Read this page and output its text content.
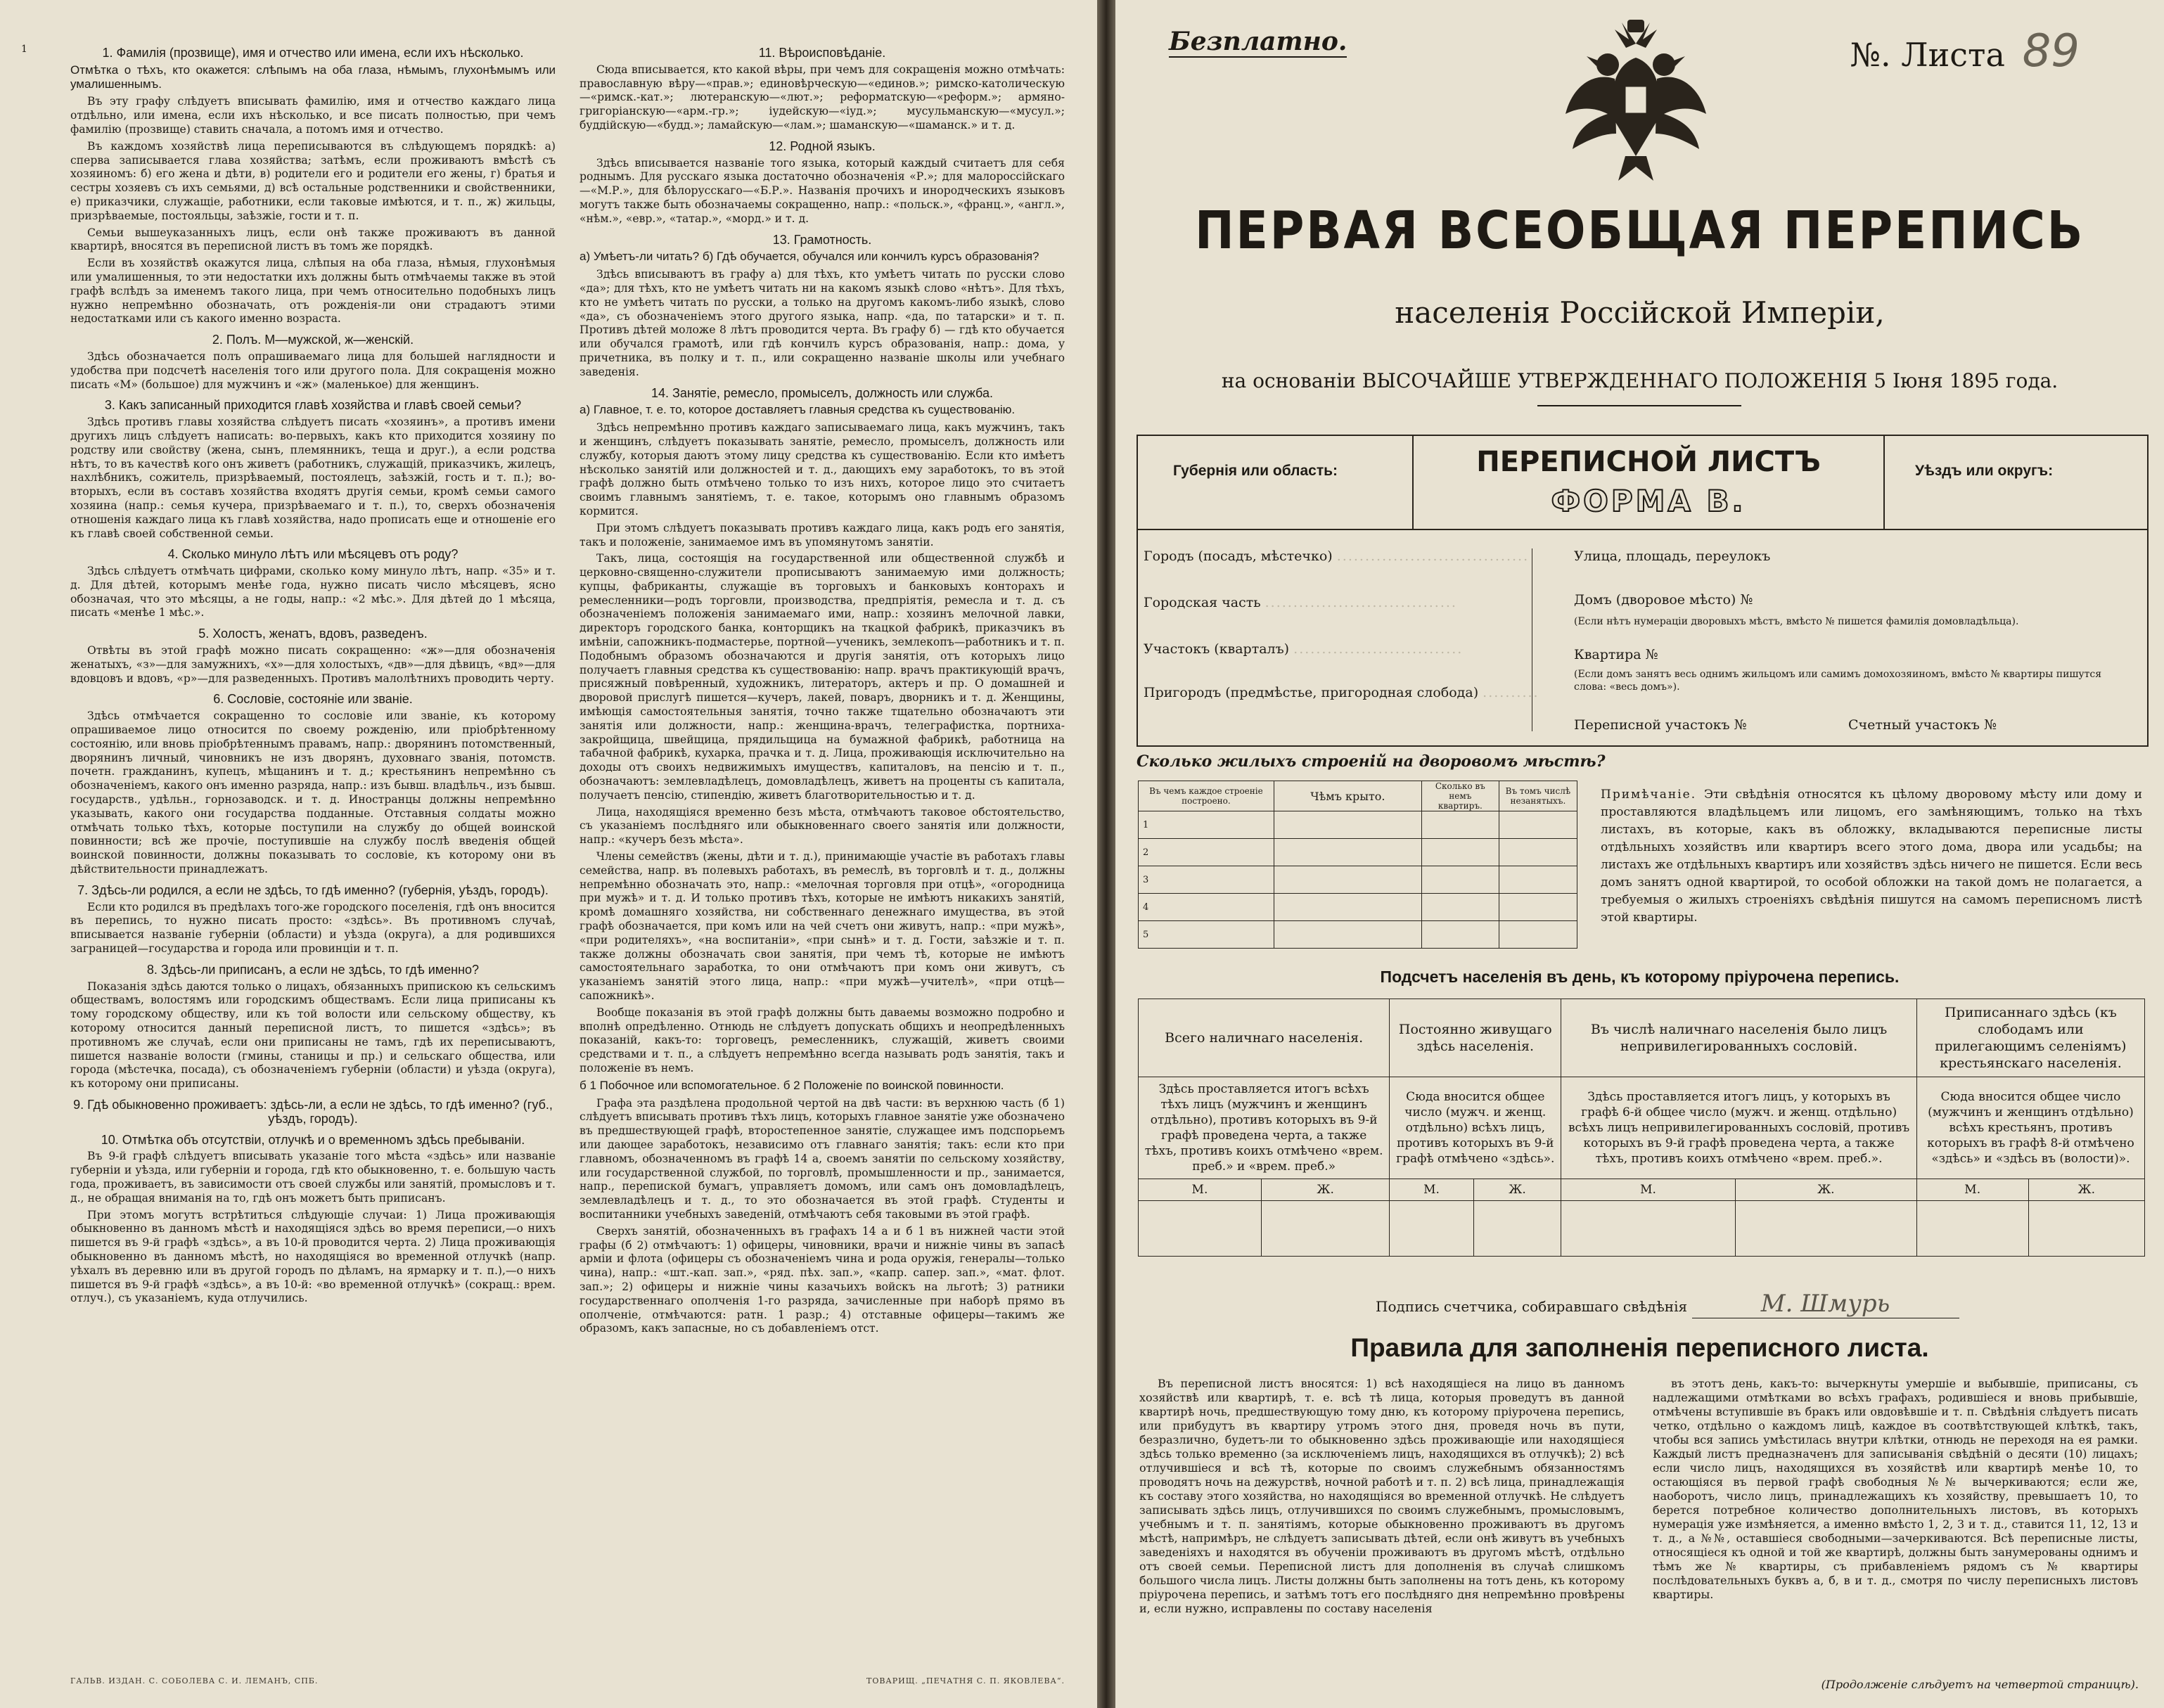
1	1. Фамилія (прозвище), имя и отчество или имена, если ихъ нѣсколько.
Отмѣтка о тѣхъ, кто окажется: слѣпымъ на оба глаза, нѣмымъ, глухонѣмымъ или умалишеннымъ.

Въ эту графу слѣдуетъ вписывать фамилію, имя и отчество каждаго лица отдѣльно, или имена, если ихъ нѣсколько, и все писать полностью, при чемъ фамилію (прозвище) ставить сначала, а потомъ имя и отчество.

Въ каждомъ хозяйствѣ лица переписываются въ слѣдующемъ порядкѣ: а) сперва записывается глава хозяйства; затѣмъ, если проживаютъ вмѣстѣ съ хозяиномъ: б) его жена и дѣти, в) родители его и родители его жены, г) братья и сестры хозяевъ съ ихъ семьями, д) всѣ остальные родственники и свойственники, е) приказчики, служащіе, работники, если таковые имѣются, и т. п., ж) жильцы, призрѣваемые, постояльцы, заѣзжіе, гости и т. п.

Семьи вышеуказанныхъ лицъ, если онѣ также проживаютъ въ данной квартирѣ, вносятся въ переписной листъ въ томъ же порядкѣ.

Если въ хозяйствѣ окажутся лица, слѣпыя на оба глаза, нѣмыя, глухонѣмыя или умалишенныя, то эти недостатки ихъ должны быть отмѣчаемы также въ этой графѣ вслѣдъ за именемъ такого лица, при чемъ относительно подобныхъ лицъ нужно непремѣнно обозначать, отъ рожденія-ли они страдаютъ этими недостатками или съ какого именно возраста.

2. Полъ. М—мужской, ж—женскій.

Здѣсь обозначается полъ опрашиваемаго лица для большей наглядности и удобства при подсчетѣ населенія того или другого пола. Для сокращенія можно писать «М» (большое) для мужчинъ и «ж» (маленькое) для женщинъ.

3. Какъ записанный приходится главѣ хозяйства и главѣ своей семьи?

Здѣсь противъ главы хозяйства слѣдуетъ писать «хозяинъ», а противъ имени другихъ лицъ слѣдуетъ написать: во-первыхъ, какъ кто приходится хозяину по родству или свойству (жена, сынъ, племянникъ, теща и друг.), а если родства нѣтъ, то въ качествѣ кого онъ живетъ (работникъ, служащій, приказчикъ, жилецъ, нахлѣбникъ, сожитель, призрѣваемый, постоялецъ, заѣзжій, гость и т. п.); во-вторыхъ, если въ составъ хозяйства входятъ другія семьи, кромѣ семьи самого хозяина (напр.: семья кучера, призрѣваемаго и т. п.), то, сверхъ обозначенія отношенія каждаго лица къ главѣ хозяйства, надо прописать еще и отношеніе его къ главѣ своей собственной семьи.

4. Сколько минуло лѣтъ или мѣсяцевъ отъ роду?

Здѣсь слѣдуетъ отмѣчать цифрами, сколько кому минуло лѣтъ, напр. «35» и т. д. Для дѣтей, которымъ менѣе года, нужно писать число мѣсяцевъ, ясно обозначая, что это мѣсяцы, а не годы, напр.: «2 мѣс.». Для дѣтей до 1 мѣсяца, писать «менѣе 1 мѣс.».

5. Холостъ, женатъ, вдовъ, разведенъ.

Отвѣты въ этой графѣ можно писать сокращенно: «ж»—для обозначенія женатыхъ, «з»—для замужнихъ, «х»—для холостыхъ, «дв»—для дѣвицъ, «вд»—для вдовцовъ и вдовъ, «р»—для разведенныхъ. Противъ малолѣтнихъ проводить черту.

6. Сословіе, состояніе или званіе.

Здѣсь отмѣчается сокращенно то сословіе или званіе, къ которому опрашиваемое лицо относится по своему рожденію, или пріобрѣтенному состоянію, или вновь пріобрѣтеннымъ правамъ, напр.: дворянинъ потомственный, дворянинъ личный, чиновникъ не изъ дворянъ, духовнаго званія, потомств. почетн. гражданинъ, купецъ, мѣщанинъ и т. д.; крестьянинъ непремѣнно съ обозначеніемъ, какого онъ именно разряда, напр.: изъ бывш. владѣльч., изъ бывш. государств., удѣльн., горнозаводск. и т. д. Иностранцы должны непремѣнно указывать, какого они государства подданные. Отставныя солдаты можно отмѣчать только тѣхъ, которые поступили на службу до общей воинской повинности; всѣ же прочіе, поступившіе на службу послѣ введенія общей воинской повинности, должны показывать то сословіе, къ которому они въ дѣйствительности принадлежатъ.

7. Здѣсь-ли родился, а если не здѣсь, то гдѣ именно? (губернія, уѣздъ, городъ).

Если кто родился въ предѣлахъ того-же городского поселенія, гдѣ онъ вносится въ перепись, то нужно писать просто: «здѣсь». Въ противномъ случаѣ, вписывается названіе губерніи (области) и уѣзда (округа), а для родившихся заграницей—государства и города или провинціи и т. п.

8. Здѣсь-ли приписанъ, а если не здѣсь, то гдѣ именно?

Показанія здѣсь даются только о лицахъ, обязанныхъ припискою къ сельскимъ обществамъ, волостямъ или городскимъ обществамъ. Если лица приписаны къ тому городскому обществу, или къ той волости или сельскому обществу, къ которому относится данный переписной листъ, то пишется «здѣсь»; въ противномъ же случаѣ, если они приписаны не тамъ, гдѣ их переписываютъ, пишется названіе волости (гмины, станицы и пр.) и сельскаго общества, или города (мѣстечка, посада), съ обозначеніемъ губерніи (области) и уѣзда (округа), къ которому они приписаны.

9. Гдѣ обыкновенно проживаетъ: здѣсь-ли, а если не здѣсь, то гдѣ именно? (губ., уѣздъ, городъ).
10. Отмѣтка объ отсутствіи, отлучкѣ и о временномъ здѣсь пребываніи.

Въ 9-й графѣ слѣдуетъ вписывать указаніе того мѣста «здѣсь» или названіе губерніи и уѣзда, или губерніи и города, гдѣ кто обыкновенно, т. е. большую часть года, проживаетъ, въ зависимости отъ своей службы или занятій, промысловъ и т. д., не обращая вниманія на то, гдѣ онъ можетъ быть приписанъ.

При этомъ могутъ встрѣтиться слѣдующіе случаи: 1) Лица проживающія обыкновенно въ данномъ мѣстѣ и находящіяся здѣсь во время переписи,—о нихъ пишется въ 9-й графѣ «здѣсь», а въ 10-й проводится черта. 2) Лица проживающія обыкновенно въ данномъ мѣстѣ, но находящіяся во временной отлучкѣ (напр. уѣхалъ въ деревню или въ другой городъ по дѣламъ, на ярмарку и т. п.),—о нихъ пишется въ 9-й графѣ «здѣсь», а въ 10-й: «во временной отлучкѣ» (сокращ.: врем. отлуч.), съ указаніемъ, куда отлучились.

11. Вѣроисповѣданіе.

Сюда вписывается, кто какой вѣры, при чемъ для сокращенія можно отмѣчать: православную вѣру—«прав.»; единовѣрческую—«единов.»; римско-католическую—«римск.-кат.»; лютеранскую—«лют.»; реформатскую—«реформ.»; армяно-григоріанскую—«арм.-гр.»; іудейскую—«іуд.»; мусульманскую—«мусул.»; буддійскую—«будд.»; ламайскую—«лам.»; шаманскую—«шаманск.» и т. д.

12. Родной языкъ.

Здѣсь вписывается названіе того языка, который каждый считаетъ для себя роднымъ. Для русскаго языка достаточно обозначенія «Р.»; для малороссійскаго—«М.Р.», для бѣлорусскаго—«Б.Р.». Названія прочихъ и инородческихъ языковъ могутъ также быть обозначаемы сокращенно, напр.: «польск.», «франц.», «англ.», «нѣм.», «евр.», «татар.», «морд.» и т. д.

13. Грамотность.
а) Умѣетъ-ли читать? б) Гдѣ обучается, обучался или кончилъ курсъ образованія?

Здѣсь вписываютъ въ графу а) для тѣхъ, кто умѣетъ читать по русски слово «да»; для тѣхъ, кто не умѣетъ читать ни на какомъ языкѣ слово «нѣтъ». Для тѣхъ, кто не умѣетъ читать по русски, а только на другомъ какомъ-либо языкѣ, слово «да», съ обозначеніемъ этого другого языка, напр. «да, по татарски» и т. п. Противъ дѣтей моложе 8 лѣтъ проводится черта. Въ графу б) — гдѣ кто обучается или обучался грамотѣ, или гдѣ кончилъ курсъ образованія, напр.: дома, у причетника, въ полку и т. п., или сокращенно названіе школы или учебнаго заведенія.

14. Занятіе, ремесло, промыселъ, должность или служба.
а) Главное, т. е. то, которое доставляетъ главныя средства къ существованію.

Здѣсь непремѣнно противъ каждаго записываемаго лица, какъ мужчинъ, такъ и женщинъ, слѣдуетъ показывать занятіе, ремесло, промыселъ, должность или службу, которыя даютъ этому лицу средства къ существованію. Если кто имѣетъ нѣсколько занятій или должностей и т. д., дающихъ ему заработокъ, то въ этой графѣ должно быть отмѣчено только то изъ нихъ, которое лицо это считаетъ своимъ главнымъ занятіемъ, т. е. такое, которымъ оно главнымъ образомъ кормится.

При этомъ слѣдуетъ показывать противъ каждаго лица, какъ родъ его занятія, такъ и положеніе, занимаемое имъ въ упомянутомъ занятіи.

Такъ, лица, состоящія на государственной или общественной службѣ и церковно-священно-служители прописываютъ занимаемую ими должность; купцы, фабриканты, служащіе въ торговыхъ и банковыхъ конторахъ и ремесленники—родъ торговли, производства, предпріятія, ремесла и т. д. съ обозначеніемъ положенія занимаемаго ими, напр.: хозяинъ мелочной лавки, директоръ городского банка, конторщикъ на ткацкой фабрикѣ, приказчикъ въ имѣніи, сапожникъ-подмастерье, портной—ученикъ, землекопъ—работникъ и т. п. Подобнымъ образомъ обозначаются и другія занятія, отъ которыхъ лицо получаетъ главныя средства къ существованію: напр. врачъ практикующій врачъ, присяжный повѣренный, художникъ, литераторъ, актеръ и пр. О домашней и дворовой прислугѣ пишется—кучеръ, лакей, поваръ, дворникъ и т. д. Женщины, имѣющія самостоятельныя занятія, точно также тщательно обозначаютъ эти занятія или должности, напр.: женщина-врачъ, телеграфистка, портниха-закройщица, швейщица, прядильщица на бумажной фабрикѣ, работница на табачной фабрикѣ, кухарка, прачка и т. д. Лица, проживающія исключительно на доходы отъ своихъ недвижимыхъ имуществъ, капиталовъ, на пенсію и т. п., обозначаютъ: землевладѣлецъ, домовладѣлецъ, живетъ на проценты съ капитала, получаетъ пенсію, стипендію, живетъ благотворительностью и т. д.

Лица, находящіяся временно безъ мѣста, отмѣчаютъ таковое обстоятельство, съ указаніемъ послѣдняго или обыкновеннаго своего занятія или должности, напр.: «кучеръ безъ мѣста».

Члены семействъ (жены, дѣти и т. д.), принимающіе участіе въ работахъ главы семейства, напр. въ полевыхъ работахъ, въ ремеслѣ, въ торговлѣ и т. д., должны непремѣнно обозначать это, напр.: «мелочная торговля при отцѣ», «огородница при мужѣ» и т. д. И только противъ тѣхъ, которые не имѣютъ никакихъ занятій, кромѣ домашняго хозяйства, ни собственнаго денежнаго имущества, въ этой графѣ обозначается, при комъ или на чей счетъ они живутъ, напр.: «при мужѣ», «при родителяхъ», «на воспитаніи», «при сынѣ» и т. д. Гости, заѣзжіе и т. п. также должны обозначать свои занятія, при чемъ тѣ, которые не имѣютъ самостоятельнаго заработка, то они отмѣчаютъ при комъ они живутъ, съ указаніемъ занятій этого лица, напр.: «при мужѣ—учителѣ», «при отцѣ—сапожникѣ».

Вообще показанія въ этой графѣ должны быть даваемы возможно подробно и вполнѣ опредѣленно. Отнюдь не слѣдуетъ допускать общихъ и неопредѣленныхъ показаній, какъ-то: торговецъ, ремесленникъ, служащій, живетъ своими средствами и т. п., а слѣдуетъ непремѣнно всегда называть родъ занятія, такъ и положеніе въ немъ.

б 1 Побочное или вспомогательное. б 2 Положеніе по воинской повинности.

Графа эта раздѣлена продольной чертой на двѣ части: въ верхнюю часть (б 1) слѣдуетъ вписывать противъ тѣхъ лицъ, которыхъ главное занятіе уже обозначено въ предшествующей графѣ, второстепенное занятіе, служащее имъ подспорьемъ или дающее заработокъ, независимо отъ главнаго занятія; такъ: если кто при главномъ, обозначенномъ въ графѣ 14 а, своемъ занятіи по сельскому хозяйству, или государственной службой, по торговлѣ, промышленности и пр., занимается, напр., перепиской бумагъ, управляетъ домомъ, или самъ онъ домовладѣлецъ, землевладѣлецъ и т. д., то это обозначается въ этой графѣ. Студенты и воспитанники учебныхъ заведеній, отмѣчаютъ себя таковыми въ этой графѣ.

Сверхъ занятій, обозначенныхъ въ графахъ 14 а и б 1 въ нижней части этой графы (б 2) отмѣчаютъ: 1) офицеры, чиновники, врачи и нижніе чины въ запасѣ арміи и флота (офицеры съ обозначеніемъ чина и рода оружія, генералы—только чина), напр.: «шт.-кап. зап.», «ряд. пѣх. зап.», «капр. сапер. зап.», «мат. флот. зап.»; 2) офицеры и нижніе чины казачьихъ войскъ на льготѣ; 3) ратники государственнаго ополченія 1-го разряда, зачисленные при наборѣ прямо въ ополченіе, отмѣчаются: ратн. 1 разр.; 4) отставные офицеры—такимъ же образомъ, какъ запасные, но съ добавленіемъ отст.

ГАЛЬВ. ИЗДАН. С. СОБОЛЕВА С. И. ЛЕМАНЪ, СПБ.	ТОВАРИЩ. „ПЕЧАТНЯ С. П. ЯКОВЛЕВА“.
Безплатно.	№. Листа 89
ПЕРВАЯ ВСЕОБЩАЯ ПЕРЕПИСЬ
населенія Россійской Имперіи,
на основаніи ВЫСОЧАЙШЕ УТВЕРЖДЕННАГО ПОЛОЖЕНІЯ 5 Іюня 1895 года.
Губернія или область:	ПЕРЕПИСНОЙ ЛИСТЪ
ФОРМА В.
Уѣздъ или округъ:
Городъ (посадъ, мѣстечко) ..................................
Городская часть ..................................
Участокъ (кварталъ) ..............................
Пригородъ (предмѣстье, пригородная слобода) ..........
Улица, площадь, переулокъ
Домъ (дворовое мѣсто) №
(Если нѣтъ нумераціи дворовыхъ мѣстъ, вмѣсто № пишется фамилія домовладѣльца).
Квартира №
(Если домъ занятъ весь однимъ жильцомъ или самимъ домохозяиномъ, вмѣсто № квартиры пишутся слова: «весь домъ»).
Переписной участокъ №	Счетный участокъ №
Сколько жилыхъ строеній на дворовомъ мѣстѣ?
Въ чемъ каждое строеніе построено.	Чѣмъ крыто.	Сколько въ немъ квартиръ.	Въ томъ числѣ незанятыхъ.
1			
2			
3			
4			
5			
Примѣчаніе. Эти свѣдѣнія относятся къ цѣлому дворовому мѣсту или дому и проставляются владѣльцемъ или лицомъ, его замѣняющимъ, только на тѣхъ листахъ, въ которые, какъ въ обложку, вкладываются переписные листы отдѣльныхъ хозяйствъ или квартиръ всего этого дома, двора или усадьбы; на листахъ же отдѣльныхъ квартиръ или хозяйствъ здѣсь ничего не пишется. Если весь домъ занятъ одной квартирой, то особой обложки на такой домъ не полагается, а требуемыя о жилыхъ строеніяхъ свѣдѣнія пишутся на самомъ переписномъ листѣ этой квартиры.
Подсчетъ населенія въ день, къ которому пріурочена перепись.
Всего наличнаго населенія.		Постоянно живущаго здѣсь населенія.		Въ числѣ наличнаго населенія было лицъ непривилегированныхъ сословій.		Приписаннаго здѣсь (къ слободамъ или прилегающимъ селеніямъ) крестьянскаго населенія.	
Здѣсь проставляется итогъ всѣхъ тѣхъ лицъ (мужчинъ и женщинъ отдѣльно), противъ которыхъ въ 9-й графѣ проведена черта, а также тѣхъ, противъ коихъ отмѣчено «врем. преб.» и «врем. преб.»		Сюда вносится общее число (мужч. и женщ. отдѣльно) всѣхъ лицъ, противъ которыхъ въ 9-й графѣ отмѣчено «здѣсь».		Здѣсь проставляется итогъ лицъ, у которыхъ въ графѣ 6-й общее число (мужч. и женщ. отдѣльно) всѣхъ лицъ непривилегированныхъ сословій, противъ которыхъ въ 9-й графѣ проведена черта, а также тѣхъ, противъ коихъ отмѣчено «врем. преб.».		Сюда вносится общее число (мужчинъ и женщинъ отдѣльно) всѣхъ крестьянъ, противъ которыхъ въ графѣ 8-й отмѣчено «здѣсь» и «здѣсь въ (волости)».	
М.	Ж.	М.	Ж.	М.	Ж.	М.	Ж.

Подпись счетчика, собиравшаго свѣдѣнія	М. Шмурь
Правила для заполненія переписного листа.
Въ переписной листъ вносятся: 1) всѣ находящіеся на лицо въ данномъ хозяйствѣ или квартирѣ, т. е. всѣ тѣ лица, которыя проведутъ въ данной квартирѣ ночь, предшествующую тому дню, къ которому пріурочена перепись, или прибудутъ въ квартиру утромъ этого дня, проведя ночь въ пути, безразлично, будетъ-ли то обыкновенно здѣсь проживающіе или находящіеся здѣсь только временно (за исключеніемъ лицъ, находящихся въ отлучкѣ); 2) всѣ отлучившіеся и всѣ тѣ, которые по своимъ служебнымъ обязанностямъ проводятъ ночь на дежурствѣ, ночной работѣ и т. п. 2) всѣ лица, принадлежащія къ составу этого хозяйства, но находящіяся во временной отлучкѣ. Не слѣдуетъ записывать здѣсь лицъ, отлучившихся по своимъ служебнымъ, промысловымъ, учебнымъ и т. п. занятіямъ, которые обыкновенно проживаютъ въ другомъ мѣстѣ, напримѣръ, не слѣдуетъ записывать дѣтей, если онѣ живутъ въ учебныхъ заведеніяхъ и находятся въ обученіи проживаютъ въ другомъ мѣстѣ, отдѣльно отъ своей семьи. Переписной листъ для дополненія въ случаѣ слишкомъ большого числа лицъ. Листы должны быть заполнены на тотъ день, къ которому пріурочена перепись, и затѣмъ тотъ его послѣдняго дня непремѣнно провѣрены и, если нужно, исправлены по составу населенія
въ этотъ день, какъ-то: вычеркнуты умершіе и выбывшіе, приписаны, съ надлежащими отмѣтками во всѣхъ графахъ, родившіеся и вновь прибывшіе, отмѣчены вступившіе въ бракъ или овдовѣвшіе и т. п. Свѣдѣнія слѣдуетъ писать четко, отдѣльно о каждомъ лицѣ, каждое въ соотвѣтствующей клѣткѣ, такъ, чтобы вся запись умѣстилась внутри клѣтки, отнюдь не переходя на ея рамки. Каждый листъ предназначенъ для записыванія свѣдѣній о десяти (10) лицахъ; если число лицъ, находящихся въ хозяйствѣ или квартирѣ менѣе 10, то остающіяся въ первой графѣ свободныя №№ вычеркиваются; если же, наоборотъ, число лицъ, принадлежащихъ къ хозяйству, превышаетъ 10, то берется потребное количество дополнительныхъ листовъ, въ которыхъ нумерація уже измѣняется, а именно вмѣсто 1, 2, 3 и т. д., ставится 11, 12, 13 и т. д., а №№, оставшіеся свободными—зачеркиваются. Всѣ переписные листы, относящіеся къ одной и той же квартирѣ, должны быть занумерованы однимъ и тѣмъ же № квартиры, съ прибавленіемъ рядомъ съ № квартиры послѣдовательныхъ буквъ а, б, в и т. д., смотря по числу переписныхъ листовъ квартиры.
(Продолженіе слѣдуетъ на четвертой страницѣ).
